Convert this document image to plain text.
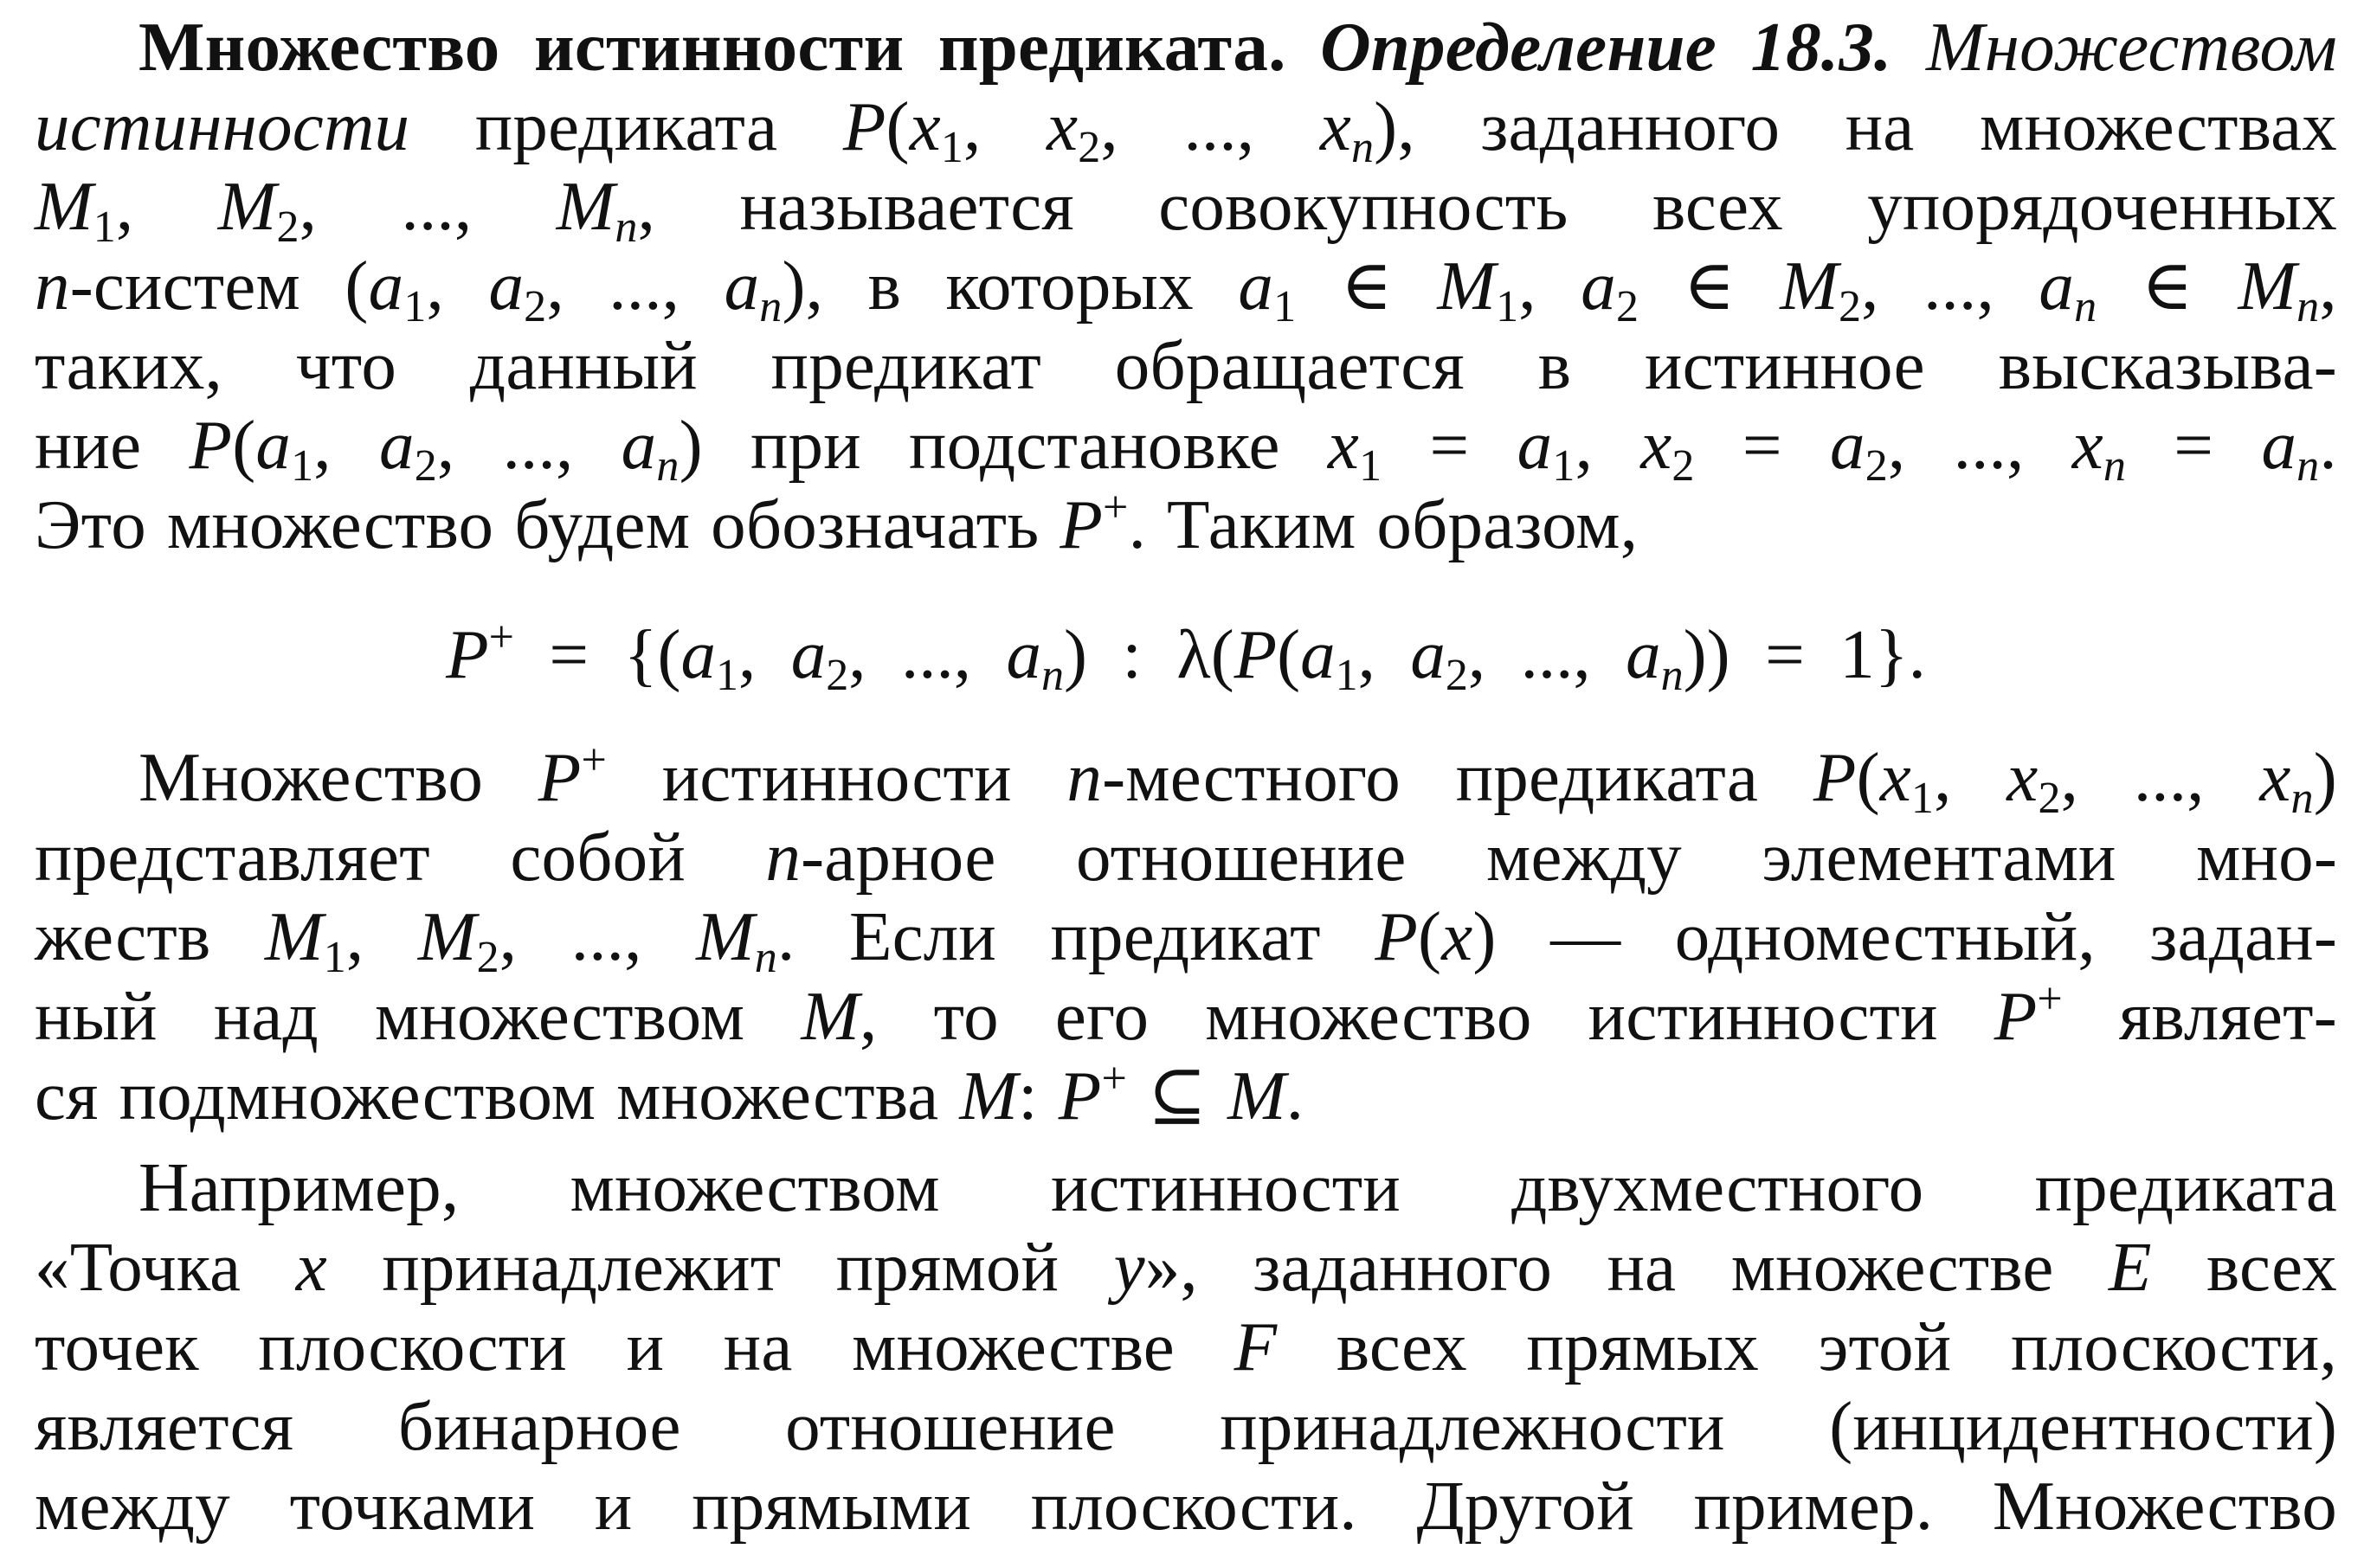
Множество истинности предиката. Определение 18.3. Множеством
истинности предиката $P(x_1$, $x_2$, ..., $x_n$), заданного на множествах
$M_1$, $M_2$, ..., $M_n$, называется совокупность всех упорядоченных
n-систем ($a_1$, $a_2$, ..., $a_n$), в которых $a_1$ ∈ $M_1$, $a_2$ ∈ $M_2$, ..., $a_n$ ∈ $M_n$,
таких, что данный предикат обращается в истинное высказыва-
ние $P(a_1$, $a_2$, ..., $a_n$) при подстановке $x_1 = a_1$, $x_2 = a_2$, ..., $x_n = a_n$.
Это множество будем обозначать P+. Таким образом,
$P^+ = \{(a_1$,  $a_2$,  ...,  $a_n$)  :  $\lambda(P(a_1$,  $a_2$,  ...,  $a_n)) = 1$}.
Множество P+ истинности n-местного предиката $P(x_1$, $x_2$, ..., $x_n$)
представляет собой n-арное отношение между элементами мно-
жеств $M_1$, $M_2$, ..., $M_n$. Если предикат P(x) — одноместный, задан-
ный над множеством M, то его множество истинности P+ являет-
ся подмножеством множества M: P+ ⊆ M.
Например, множеством истинности двухместного предиката
«Точка x принадлежит прямой y», заданного на множестве E всех
точек плоскости и на множестве F всех прямых этой плоскости,
является бинарное отношение принадлежности (инцидентности)
между точками и прямыми плоскости. Другой пример. Множество
